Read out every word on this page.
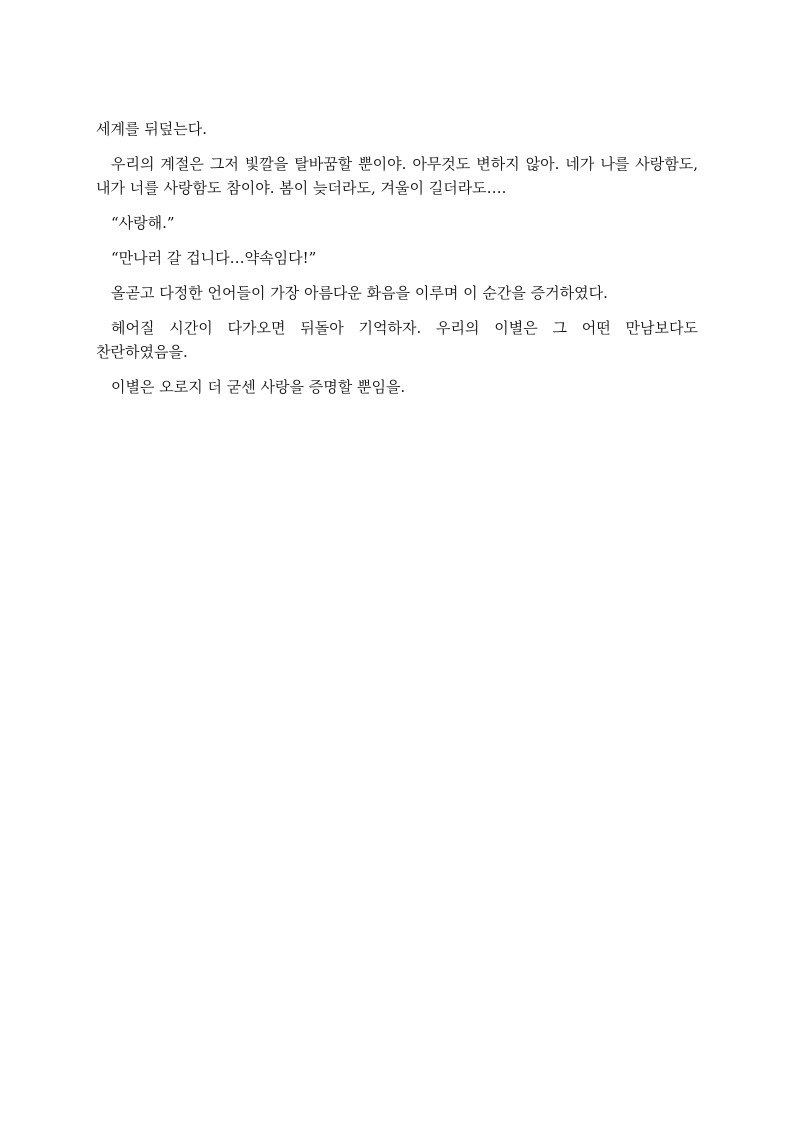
세계를 뒤덮는다.

우리의 계절은 그저 빛깔을 탈바꿈할 뿐이야. 아무것도 변하지 않아. 네가 나를 사랑함도, 내가 너를 사랑함도 참이야. 봄이 늦더라도, 겨울이 길더라도….

“사랑해.”

“만나러 갈 겁니다…약속임다!”

올곧고 다정한 언어들이 가장 아름다운 화음을 이루며 이 순간을 증거하였다.

헤어질 시간이 다가오면 뒤돌아 기억하자. 우리의 이별은 그 어떤 만남보다도 찬란하였음을.

이별은 오로지 더 굳센 사랑을 증명할 뿐임을.
